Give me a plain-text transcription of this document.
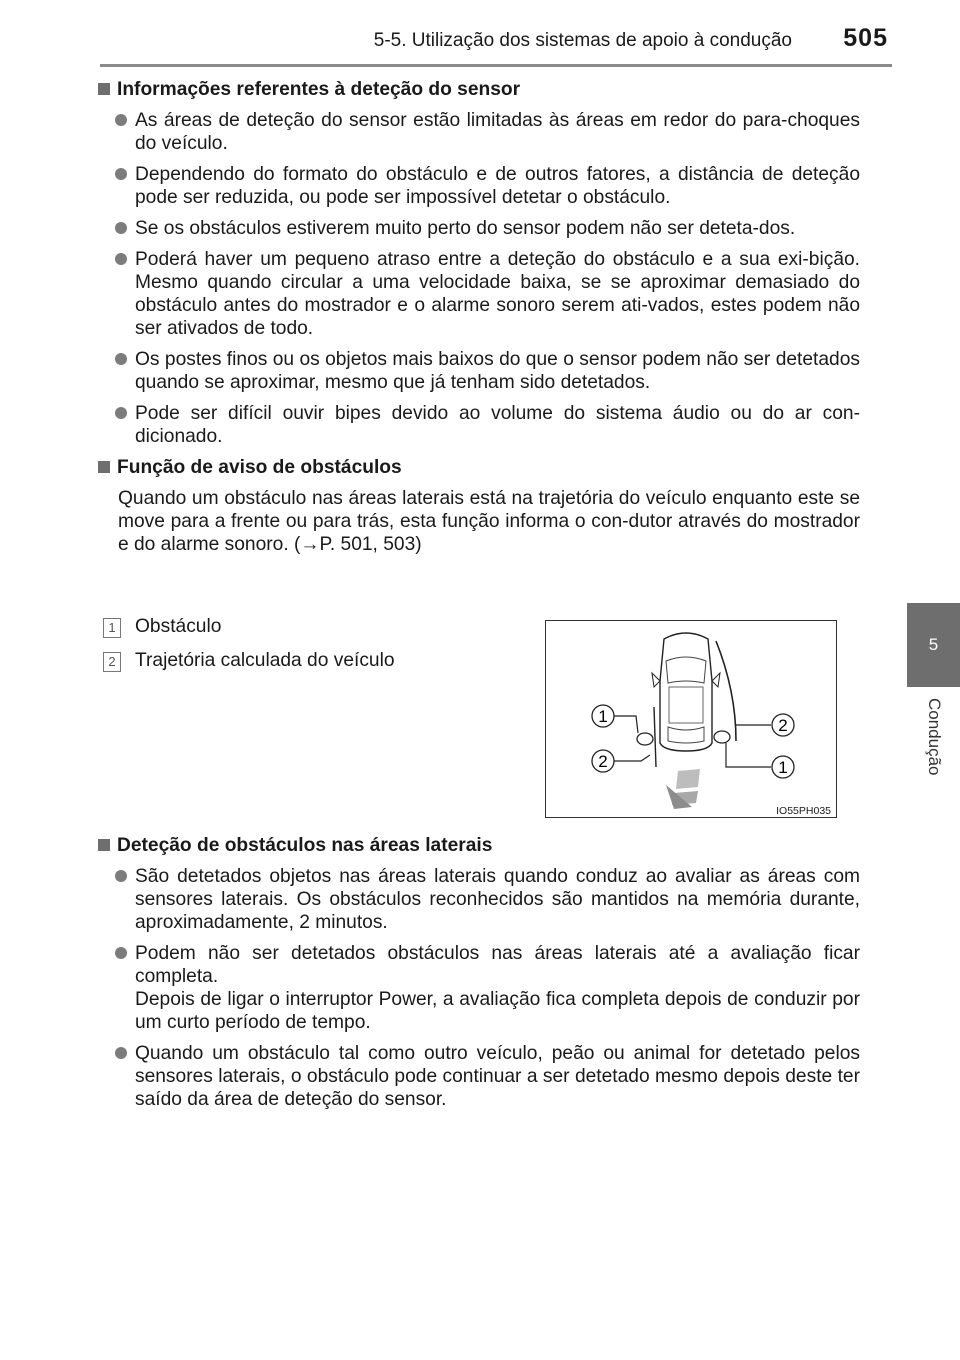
5-5. Utilização dos sistemas de apoio à condução 505
5
Condução
Informações referentes à deteção do sensor
As áreas de deteção do sensor estão limitadas às áreas em redor do para-choques do veículo.
Dependendo do formato do obstáculo e de outros fatores, a distância de deteção pode ser reduzida, ou pode ser impossível detetar o obstáculo.
Se os obstáculos estiverem muito perto do sensor podem não ser deteta-dos.
Poderá haver um pequeno atraso entre a deteção do obstáculo e a sua exi-bição. Mesmo quando circular a uma velocidade baixa, se se aproximar demasiado do obstáculo antes do mostrador e o alarme sonoro serem ati-vados, estes podem não ser ativados de todo.
Os postes finos ou os objetos mais baixos do que o sensor podem não ser detetados quando se aproximar, mesmo que já tenham sido detetados.
Pode ser difícil ouvir bipes devido ao volume do sistema áudio ou do ar con-dicionado.
Função de aviso de obstáculos
Quando um obstáculo nas áreas laterais está na trajetória do veículo enquanto este se move para a frente ou para trás, esta função informa o con-dutor através do mostrador e do alarme sonoro. (→P. 501, 503)
1 Obstáculo
2 Trajetória calculada do veículo
1
2
2
1
IO55PH035
Deteção de obstáculos nas áreas laterais
São detetados objetos nas áreas laterais quando conduz ao avaliar as áreas com sensores laterais. Os obstáculos reconhecidos são mantidos na memória durante, aproximadamente, 2 minutos.
Podem não ser detetados obstáculos nas áreas laterais até a avaliação ficar completa.
Depois de ligar o interruptor Power, a avaliação fica completa depois de conduzir por um curto período de tempo.
Quando um obstáculo tal como outro veículo, peão ou animal for detetado pelos sensores laterais, o obstáculo pode continuar a ser detetado mesmo depois deste ter saído da área de deteção do sensor.
